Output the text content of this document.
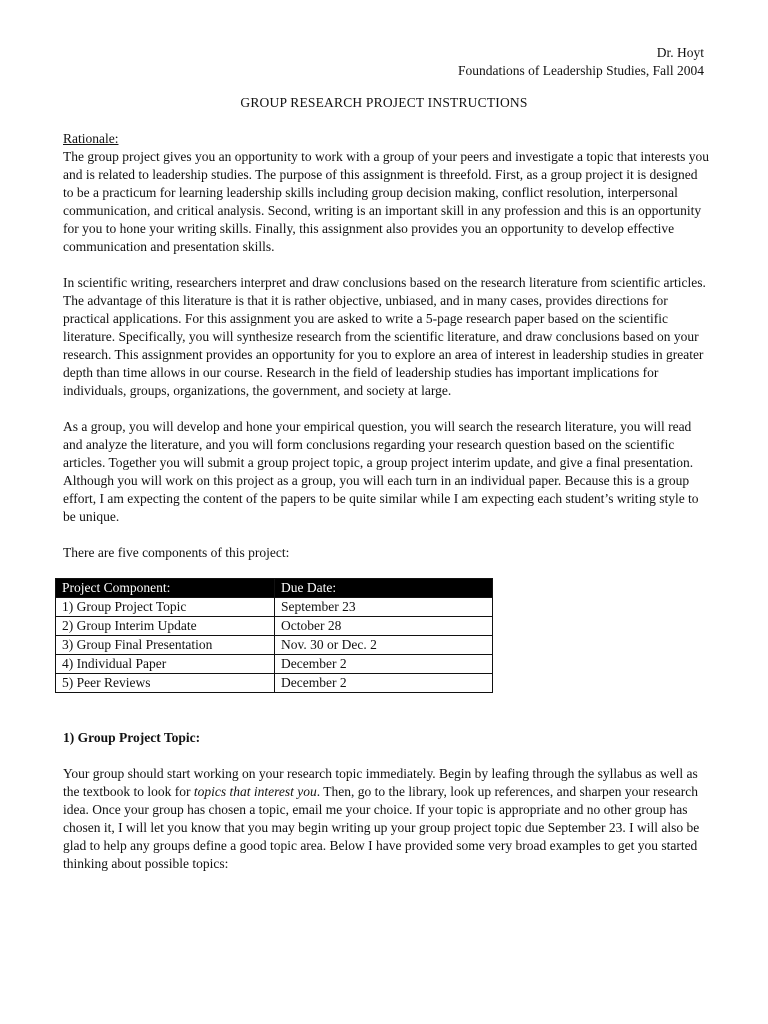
Dr. Hoyt
Foundations of Leadership Studies, Fall 2004
GROUP RESEARCH PROJECT INSTRUCTIONS
Rationale:

The group project gives you an opportunity to work with a group of your peers and investigate a topic that interests you and is related to leadership studies. The purpose of this assignment is threefold. First, as a group project it is designed to be a practicum for learning leadership skills including group decision making, conflict resolution, interpersonal communication, and critical analysis. Second, writing is an important skill in any profession and this is an opportunity for you to hone your writing skills. Finally, this assignment also provides you an opportunity to develop effective communication and presentation skills.

In scientific writing, researchers interpret and draw conclusions based on the research literature from scientific articles. The advantage of this literature is that it is rather objective, unbiased, and in many cases, provides directions for practical applications. For this assignment you are asked to write a 5-page research paper based on the scientific literature. Specifically, you will synthesize research from the scientific literature, and draw conclusions based on your research. This assignment provides an opportunity for you to explore an area of interest in leadership studies in greater depth than time allows in our course. Research in the field of leadership studies has important implications for individuals, groups, organizations, the government, and society at large.

As a group, you will develop and hone your empirical question, you will search the research literature, you will read and analyze the literature, and you will form conclusions regarding your research question based on the scientific articles. Together you will submit a group project topic, a group project interim update, and give a final presentation. Although you will work on this project as a group, you will each turn in an individual paper. Because this is a group effort, I am expecting the content of the papers to be quite similar while I am expecting each student’s writing style to be unique.

There are five components of this project:

Project Component:	Due Date:
1) Group Project Topic	September 23
2) Group Interim Update	October 28
3) Group Final Presentation	Nov. 30 or Dec. 2
4) Individual Paper	December 2
5) Peer Reviews	December 2
1) Group Project Topic:

Your group should start working on your research topic immediately. Begin by leafing through the syllabus as well as the textbook to look for topics that interest you. Then, go to the library, look up references, and sharpen your research idea. Once your group has chosen a topic, email me your choice. If your topic is appropriate and no other group has chosen it, I will let you know that you may begin writing up your group project topic due September 23. I will also be glad to help any groups define a good topic area. Below I have provided some very broad examples to get you started thinking about possible topics:
